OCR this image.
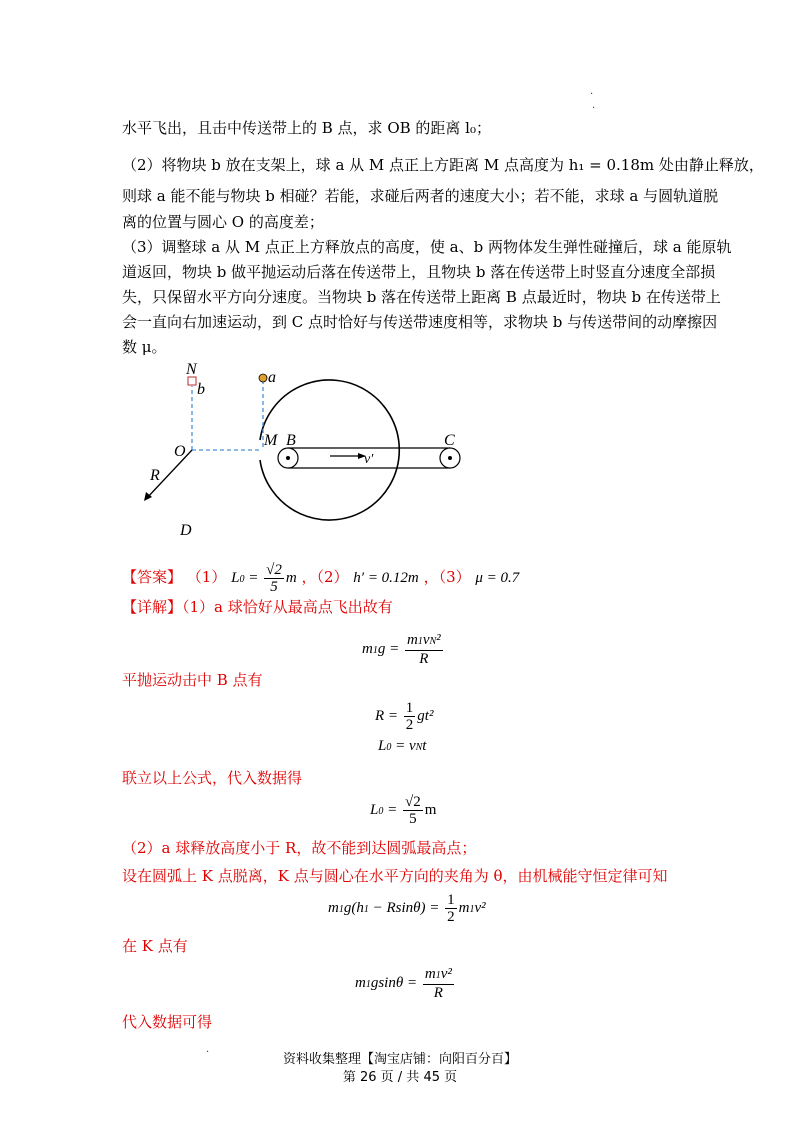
.
.
水平飞出，且击中传送带上的 B 点，求 OB 的距离 l₀；
（2）将物块 b 放在支架上，球 a 从 M 点正上方距离 M 点高度为 h₁ = 0.18m 处由静止释放，
则球 a 能不能与物块 b 相碰？若能，求碰后两者的速度大小；若不能，求球 a 与圆轨道脱
离的位置与圆心 O 的高度差；
（3）调整球 a 从 M 点正上方释放点的高度，使 a、b 两物体发生弹性碰撞后，球 a 能原轨
道返回，物块 b 做平抛运动后落在传送带上，且物块 b 落在传送带上时竖直分速度全部损
失，只保留水平方向分速度。当物块 b 落在传送带上距离 B 点最近时，物块 b 在传送带上
会一直向右加速运动，到 C 点时恰好与传送带速度相等，求物块 b 与传送带间的动摩擦因
数 μ。
N
b
a
O
M B	C
R
D
v′
【答案】 （1） $L0 = \frac{√2}{5}$ m ，（2） h′ = 0.12m ，（3） μ = 0.7
【详解】（1）a 球恰好从最高点飞出故有
$m1g = \frac{\text{m1vN²}}{R}$
平抛运动击中 B 点有
$R = \frac{1}{2} gt^2$
L0 = vNt
联立以上公式，代入数据得
$L0 = \frac{√2}{5}$ m
（2）a 球释放高度小于 R，故不能到达圆弧最高点；
设在圆弧上 K 点脱离，K 点与圆心在水平方向的夹角为 θ，由机械能守恒定律可知
$m1g(h1 - Rsin\theta) = \frac{1}{2} m1v^2$
在 K 点有
$m1gsin\theta = \frac{\text{m1v²}}{R}$
代入数据可得
.
资料收集整理【淘宝店铺：向阳百分百】
第 26 页 / 共 45 页
